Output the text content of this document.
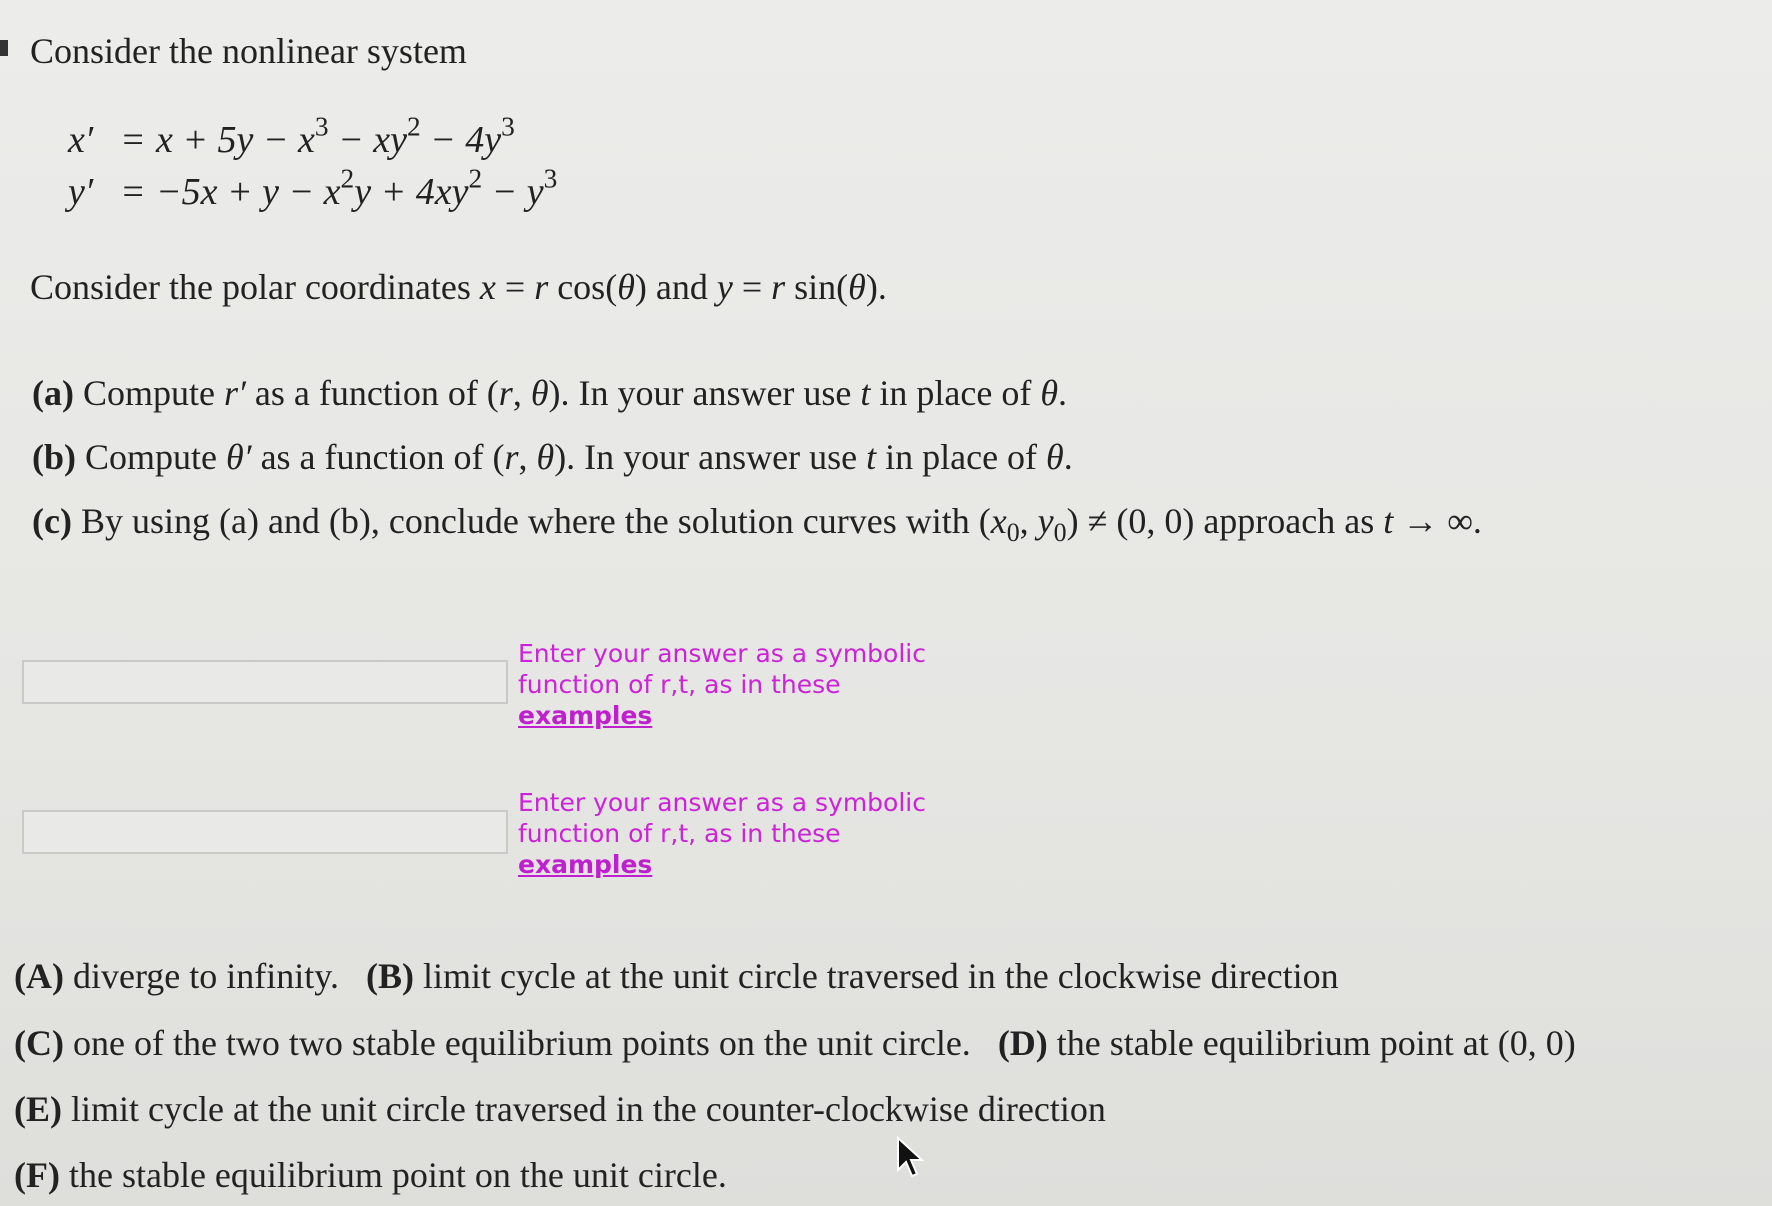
Consider the nonlinear system
$x' = x + 5y - x^3 - xy^2 - 4y^3$
$y' = -5x + y - x^2y + 4xy^2 - y^3$
Consider the polar coordinates x = r cos(θ) and y = r sin(θ).
(a) Compute r′ as a function of (r, θ). In your answer use t in place of θ.
(b) Compute θ′ as a function of (r, θ). In your answer use t in place of θ.
(c) By using (a) and (b), conclude where the solution curves with ($x_0$, $y_0) \ne (0$, 0) approach as t → ∞.
Enter your answer as a symbolic function of r,t, as in these
examples
Enter your answer as a symbolic function of r,t, as in these
examples
(A) diverge to infinity. (B) limit cycle at the unit circle traversed in the clockwise direction
(C) one of the two two stable equilibrium points on the unit circle. (D) the stable equilibrium point at (0, 0)
(E) limit cycle at the unit circle traversed in the counter-clockwise direction
(F) the stable equilibrium point on the unit circle.
